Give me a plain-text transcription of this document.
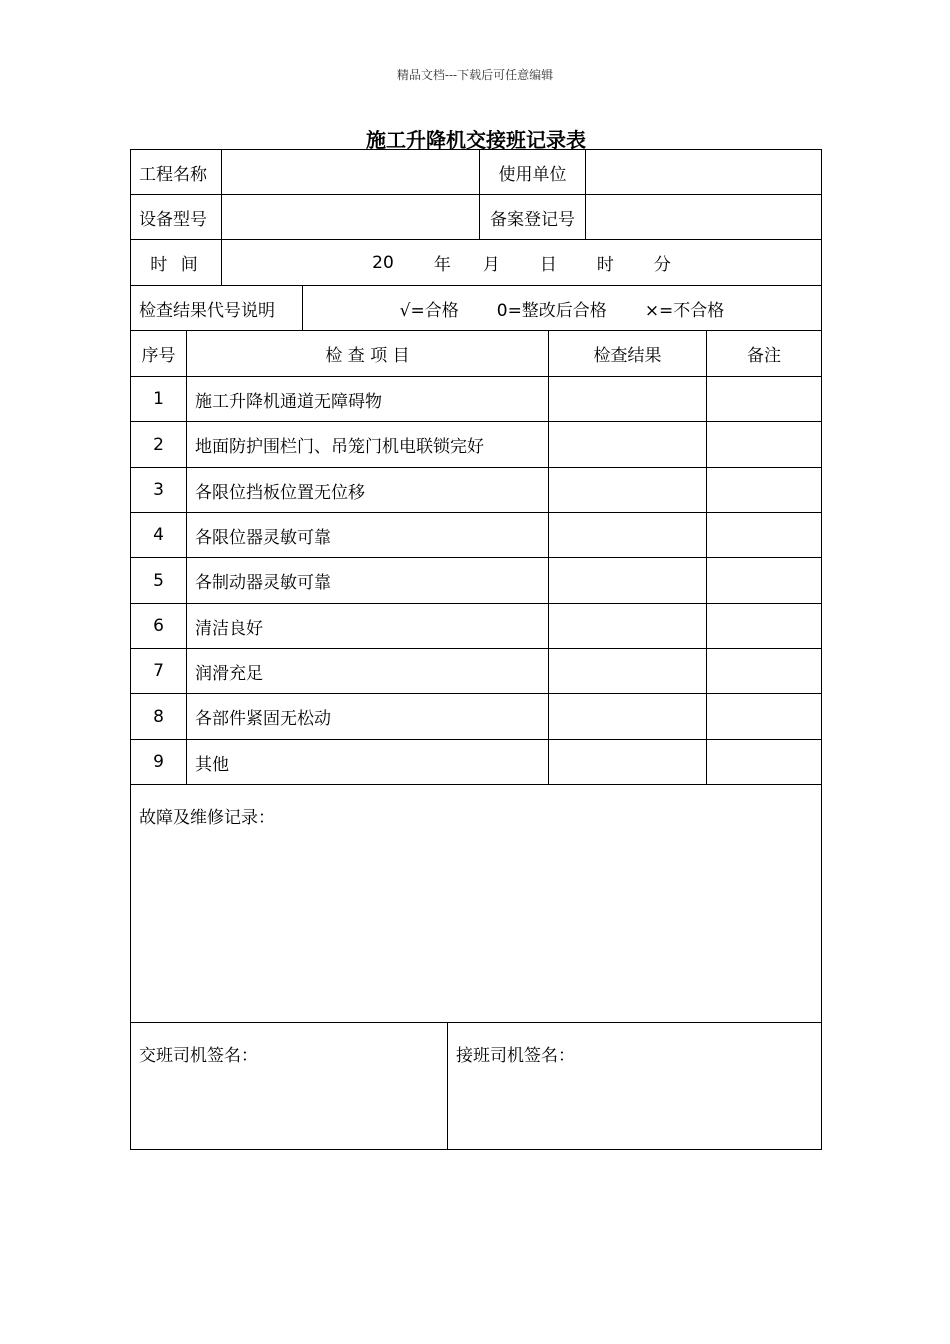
精品文档---下载后可任意编辑
施工升降机交接班记录表
工程名称	使用单位
设备型号	备案登记号
时 间	20 年 月 日 时 分
检查结果代号说明	√=合格 0=整改后合格 ×=不合格
序号	检 查 项 目	检查结果	备注
1	施工升降机通道无障碍物
2	地面防护围栏门、吊笼门机电联锁完好
3	各限位挡板位置无位移
4	各限位器灵敏可靠
5	各制动器灵敏可靠
6	清洁良好
7	润滑充足
8	各部件紧固无松动
9	其他
故障及维修记录：
交班司机签名：	接班司机签名：
